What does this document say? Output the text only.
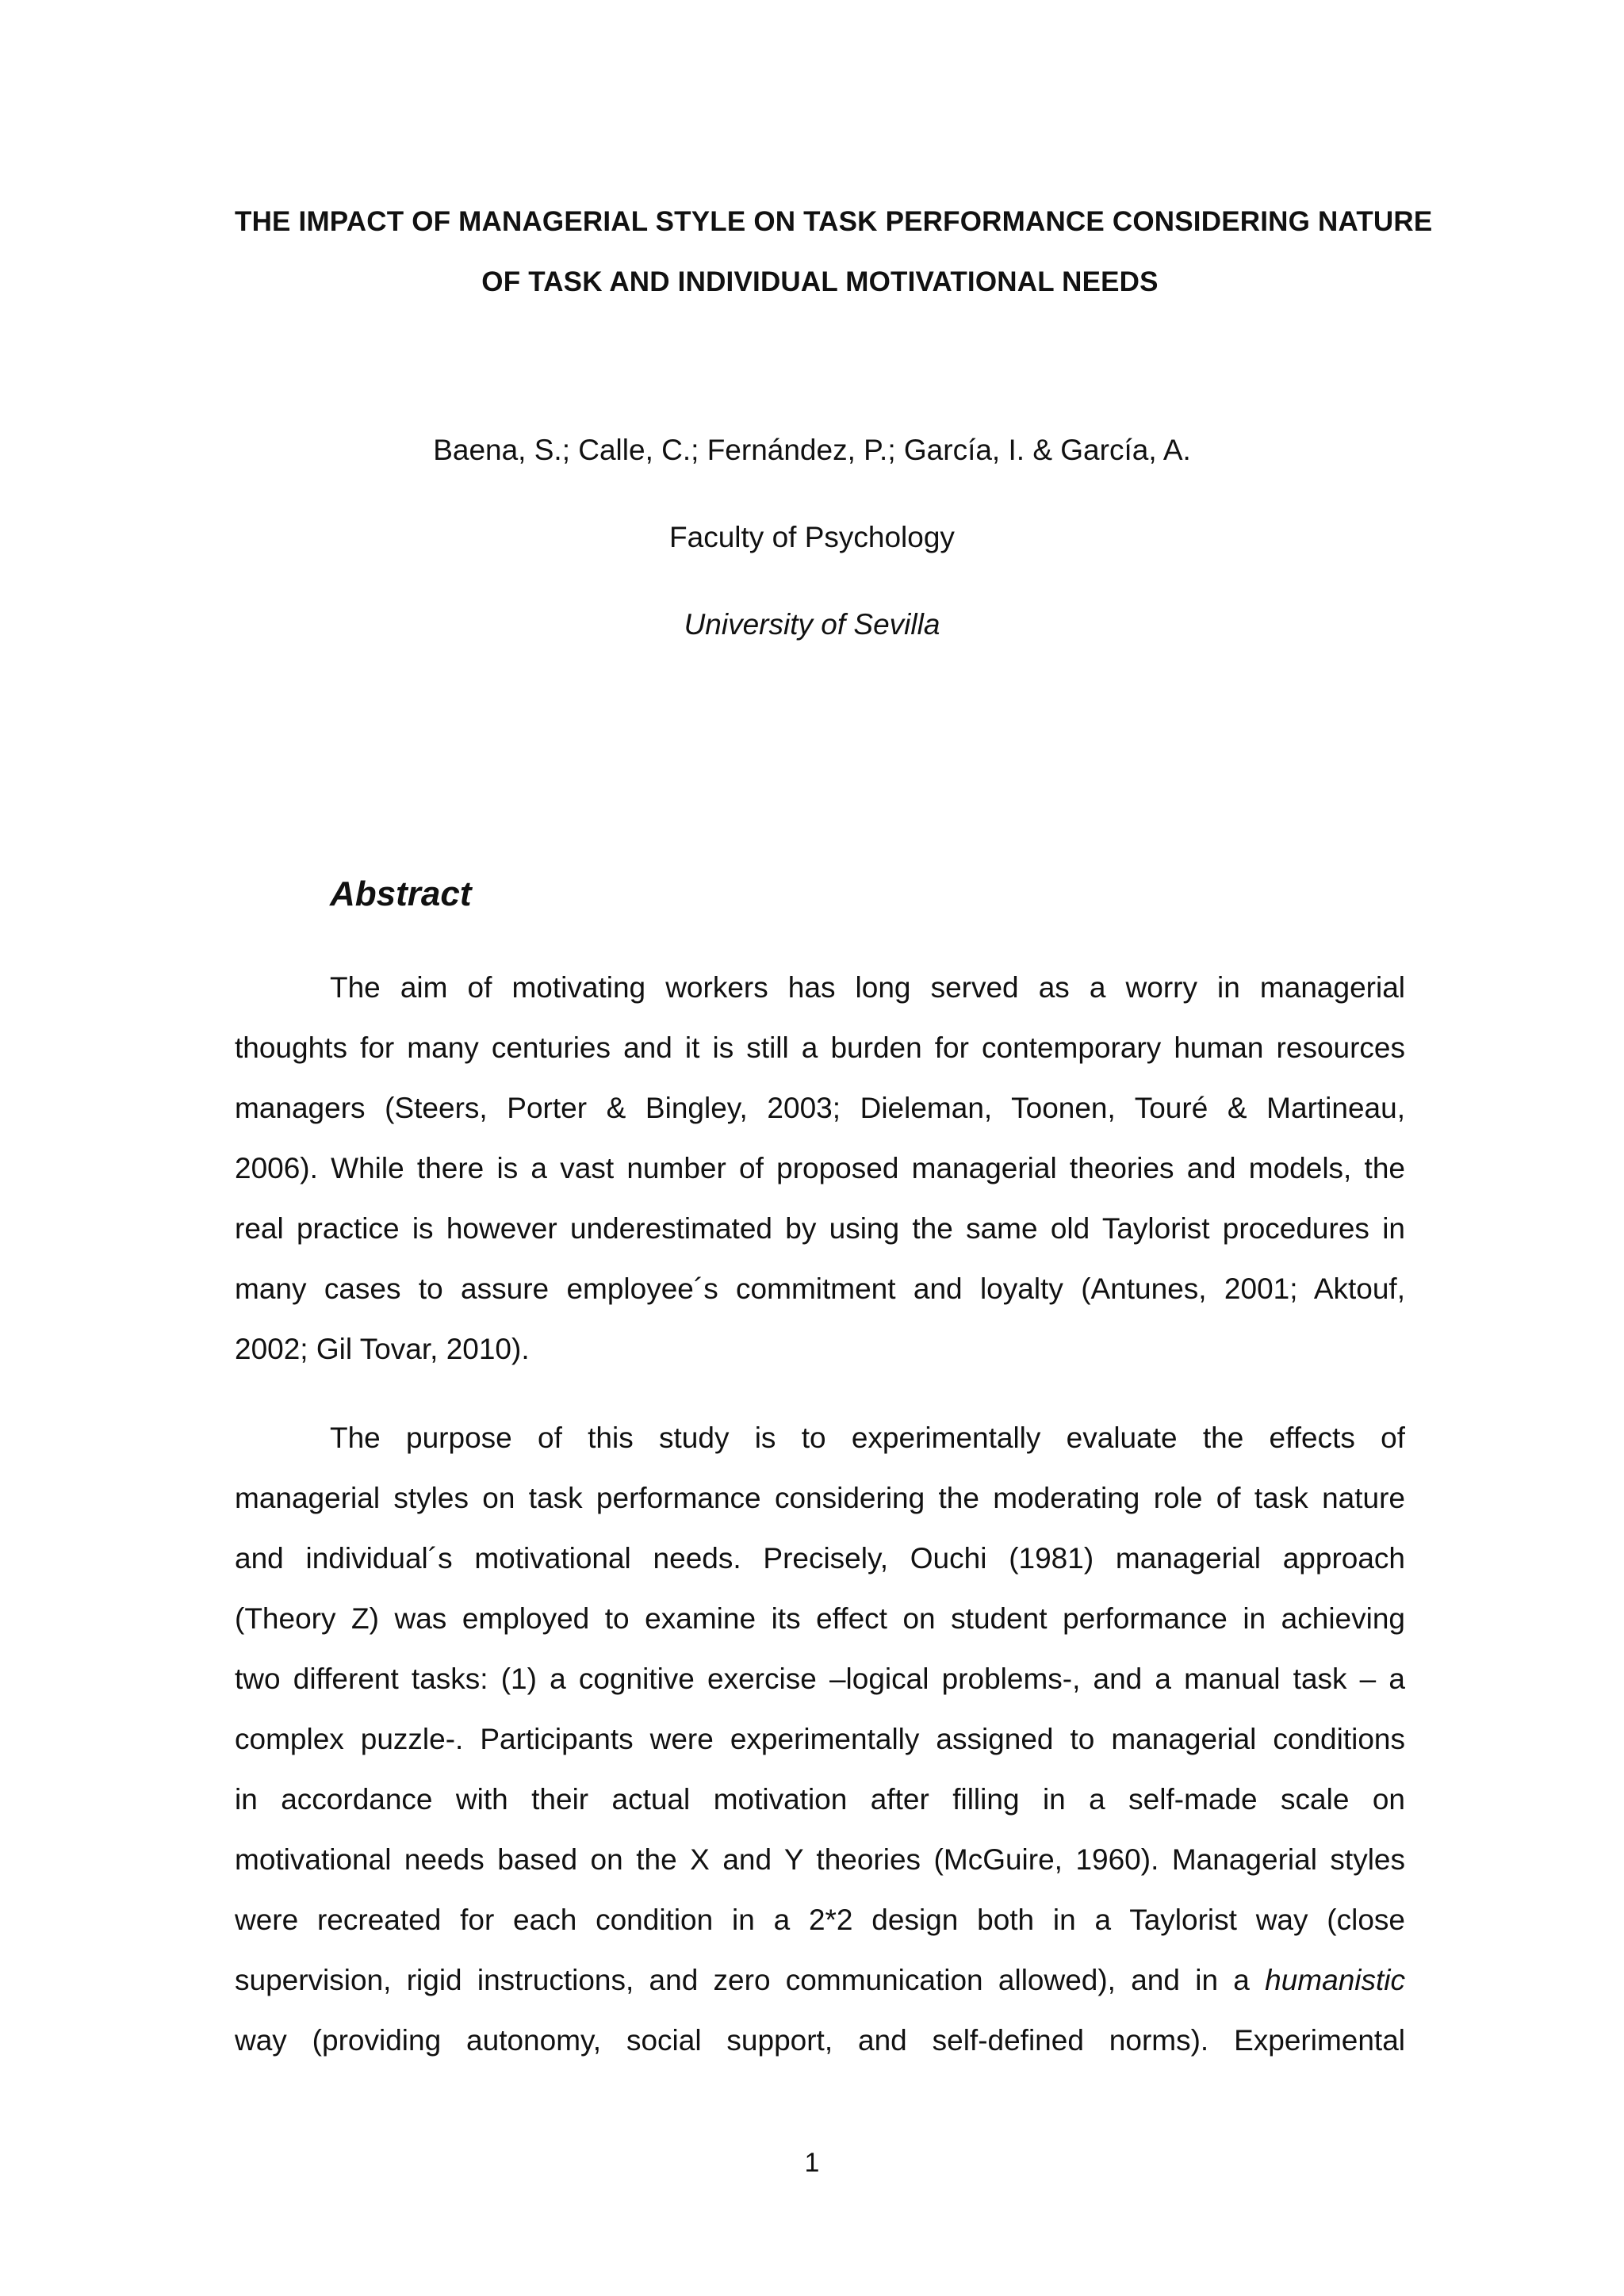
THE IMPACT OF MANAGERIAL STYLE ON TASK PERFORMANCE CONSIDERING NATURE
OF TASK AND INDIVIDUAL MOTIVATIONAL NEEDS
Baena, S.; Calle, C.; Fernández, P.; García, I. & García, A.
Faculty of Psychology
University of Sevilla
Abstract
The aim of motivating workers has long served as a worry in managerial
thoughts for many centuries and it is still a burden for contemporary human resources
managers (Steers, Porter & Bingley, 2003; Dieleman, Toonen, Touré & Martineau,
2006). While there is a vast number of proposed managerial theories and models, the
real practice is however underestimated by using the same old Taylorist procedures in
many cases to assure employee´s commitment and loyalty (Antunes, 2001; Aktouf,
2002; Gil Tovar, 2010).
The purpose of this study is to experimentally evaluate the effects of
managerial styles on task performance considering the moderating role of task nature
and individual´s motivational needs. Precisely, Ouchi (1981) managerial approach
(Theory Z) was employed to examine its effect on student performance in achieving
two different tasks: (1) a cognitive exercise –logical problems-, and a manual task – a
complex puzzle-. Participants were experimentally assigned to managerial conditions
in accordance with their actual motivation after filling in a self-made scale on
motivational needs based on the X and Y theories (McGuire, 1960). Managerial styles
were recreated for each condition in a 2*2 design both in a Taylorist way (close
supervision, rigid instructions, and zero communication allowed), and in a humanistic
way (providing autonomy, social support, and self-defined norms). Experimental
1
